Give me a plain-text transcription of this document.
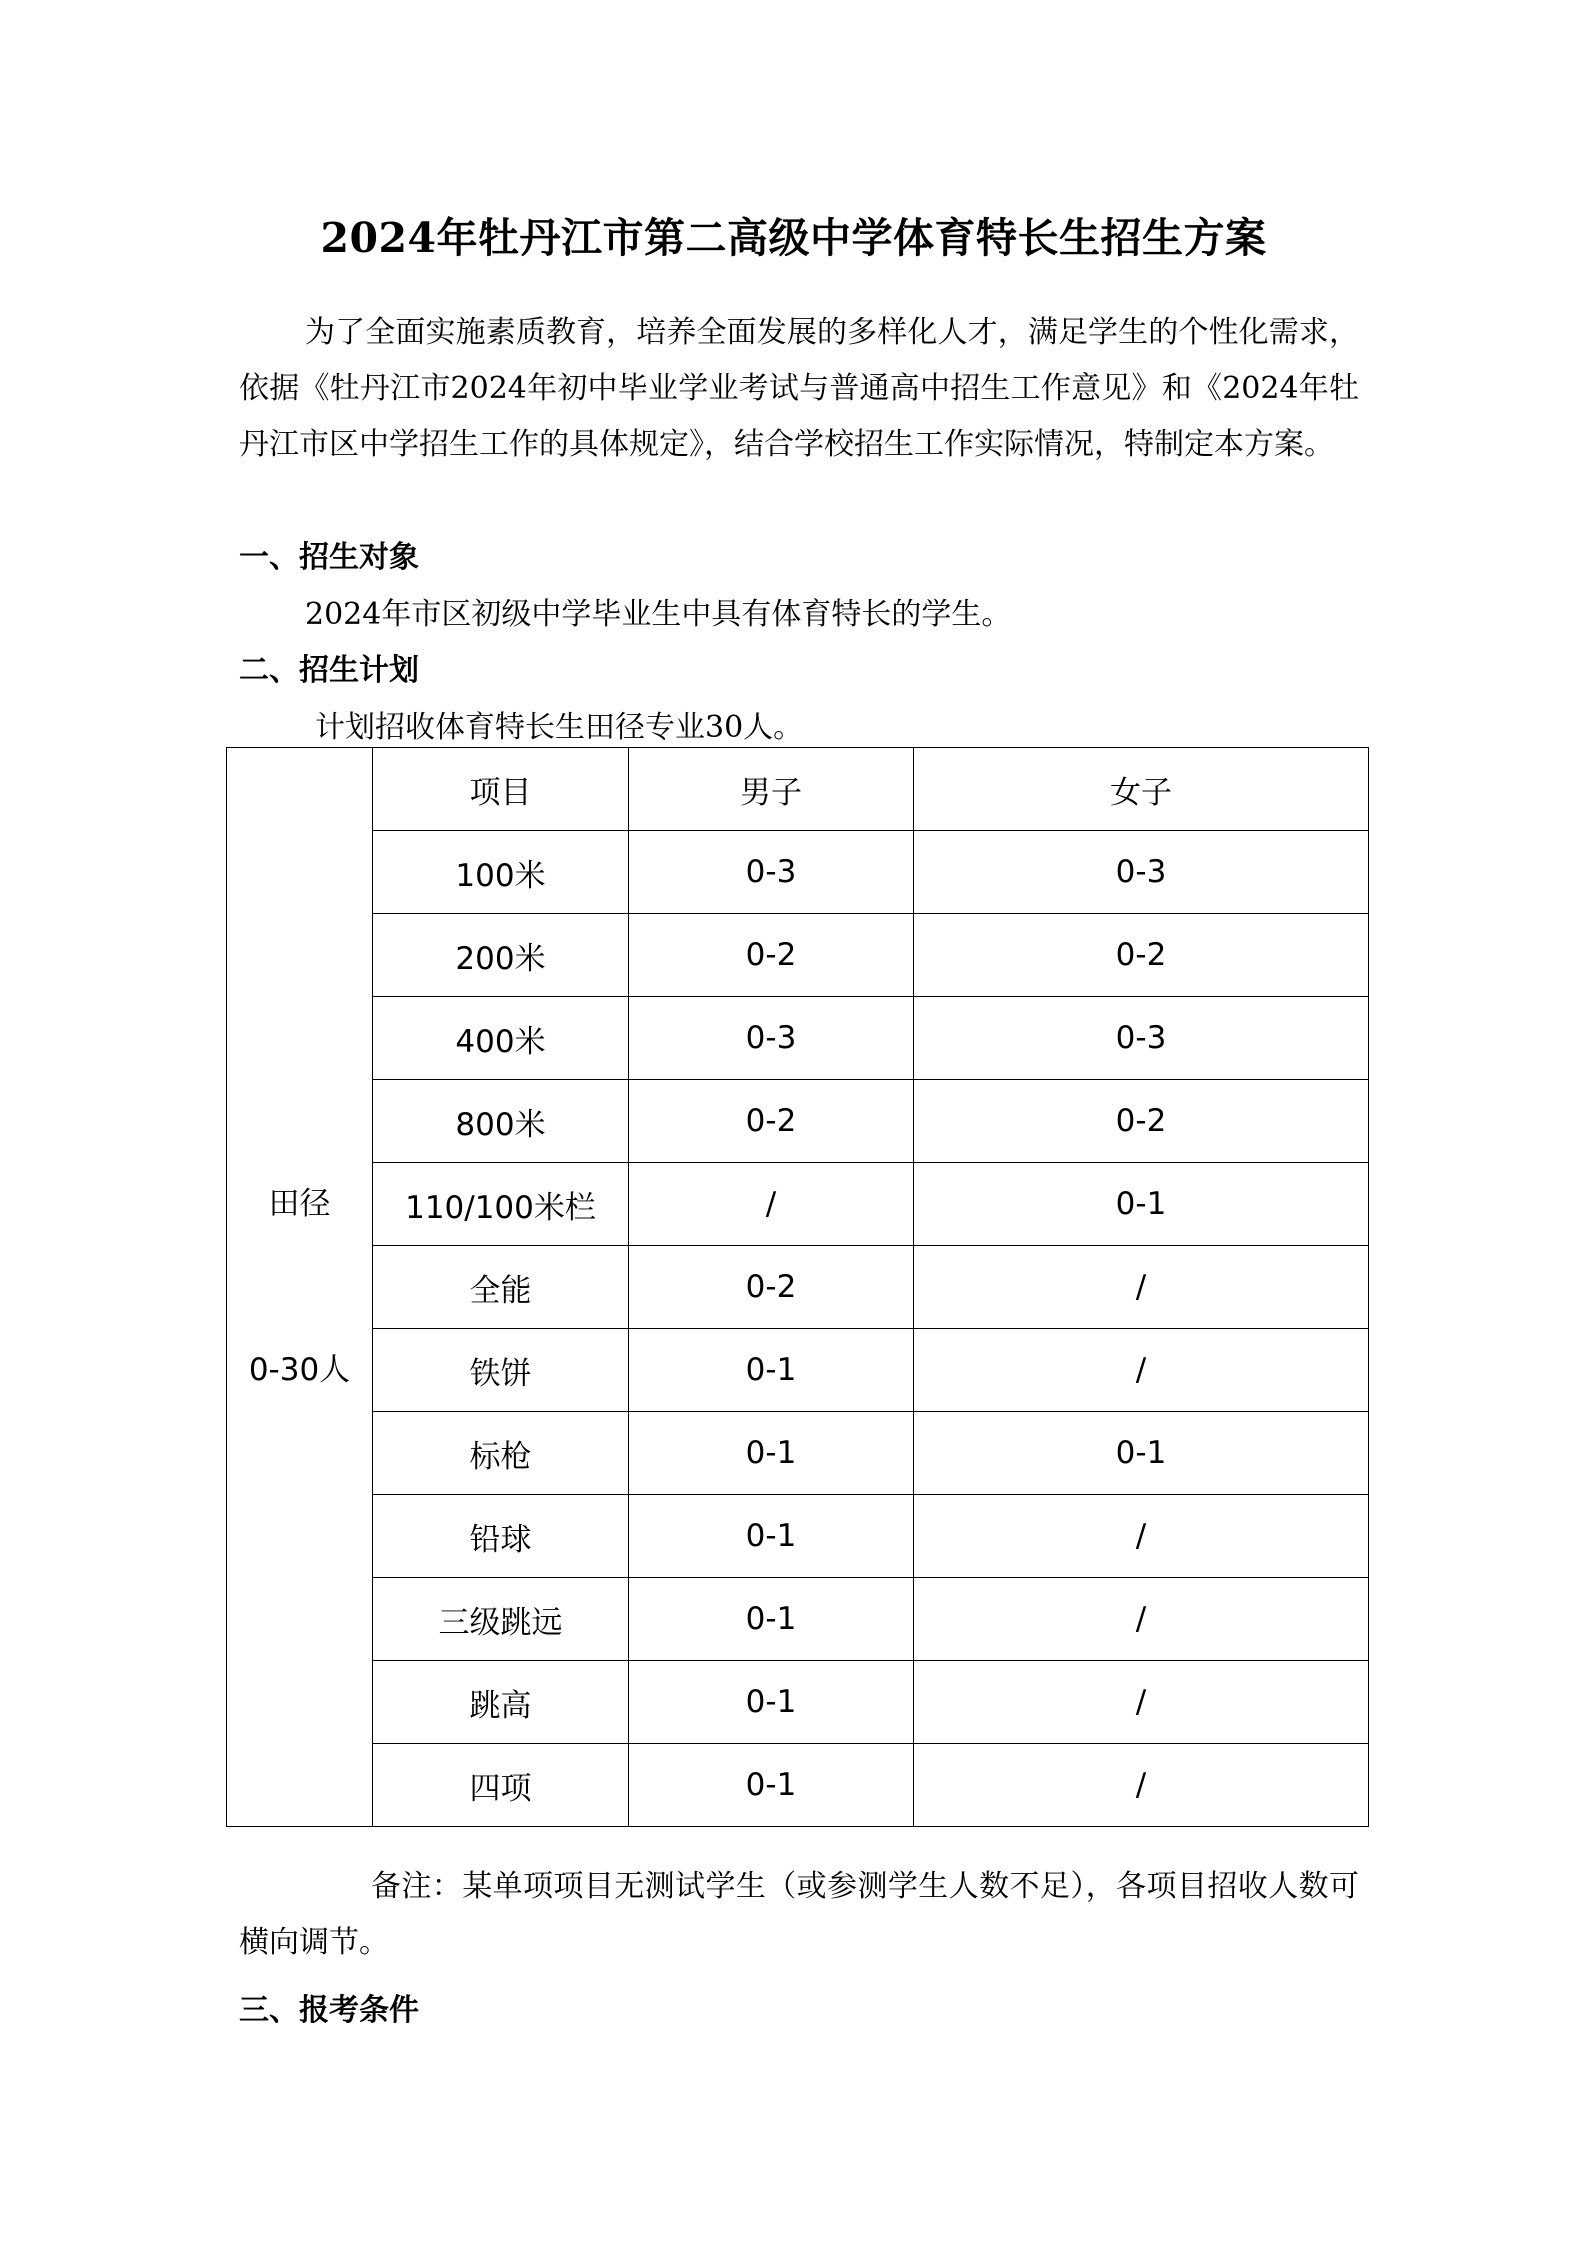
2024年牡丹江市第二高级中学体育特长生招生方案

为了全面实施素质教育，培养全面发展的多样化人才，满足学生的个性化需求，依据《牡丹江市2024年初中毕业学业考试与普通高中招生工作意见》和《2024年牡丹江市区中学招生工作的具体规定》，结合学校招生工作实际情况，特制定本方案。

一、招生对象

2024年市区初级中学毕业生中具有体育特长的学生。

二、招生计划

计划招收体育特长生田径专业30人。

田径
0-30人	项目	男子	女子
	100米	0-3	0-3
	200米	0-2	0-2
	400米	0-3	0-3
	800米	0-2	0-2
	110/100米栏	/	0-1
	全能	0-2	/
	铁饼	0-1	/
	标枪	0-1	0-1
	铅球	0-1	/
	三级跳远	0-1	/
	跳高	0-1	/
	四项	0-1	/

备注：某单项项目无测试学生（或参测学生人数不足），各项目招收人数可横向调节。

三、报考条件
